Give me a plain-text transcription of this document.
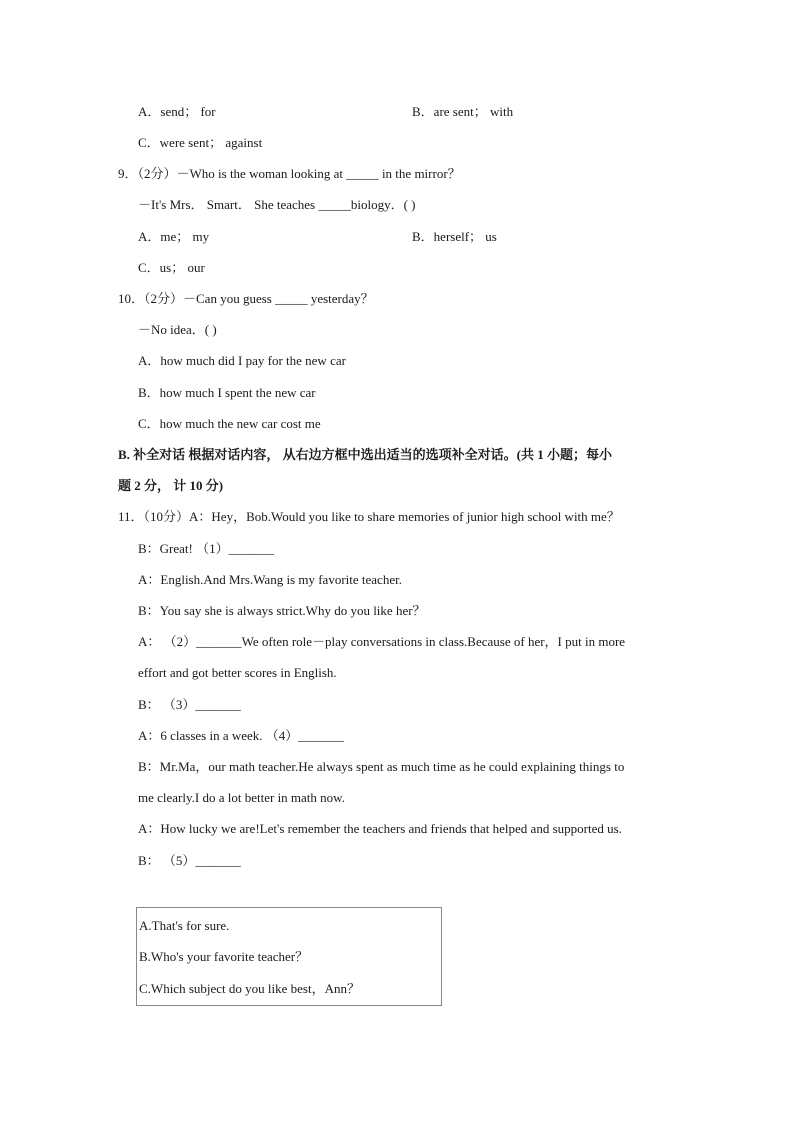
A．send； for	B．are sent； with
C．were sent； against
9．（2分）－Who is the woman looking at _____ in the mirror？
－It's Mrs． Smart． She teaches _____biology．( )
A．me； my	B．herself； us
C．us； our
10．（2分）－Can you guess _____ yesterday？
－No idea．( )
A．how much did I pay for the new car
B．how much I spent the new car
C．how much the new car cost me
B. 补全对话 根据对话内容， 从右边方框中选出适当的选项补全对话。(共 1 小题；每小
题 2 分， 计 10 分)
11．（10分）A：Hey，Bob.Would you like to share memories of junior high school with me？
B：Great! （1）_______
A：English.And Mrs.Wang is my favorite teacher.
B：You say she is always strict.Why do you like her？
A： （2）_______We often role－play conversations in class.Because of her，I put in more
effort and got better scores in English.
B： （3）_______
A：6 classes in a week. （4）_______
B：Mr.Ma，our math teacher.He always spent as much time as he could explaining things to
me clearly.I do a lot better in math now.
A：How lucky we are!Let's remember the teachers and friends that helped and supported us.
B： （5）_______
A.That's for sure.
B.Who's your favorite teacher？
C.Which subject do you like best，Ann？
